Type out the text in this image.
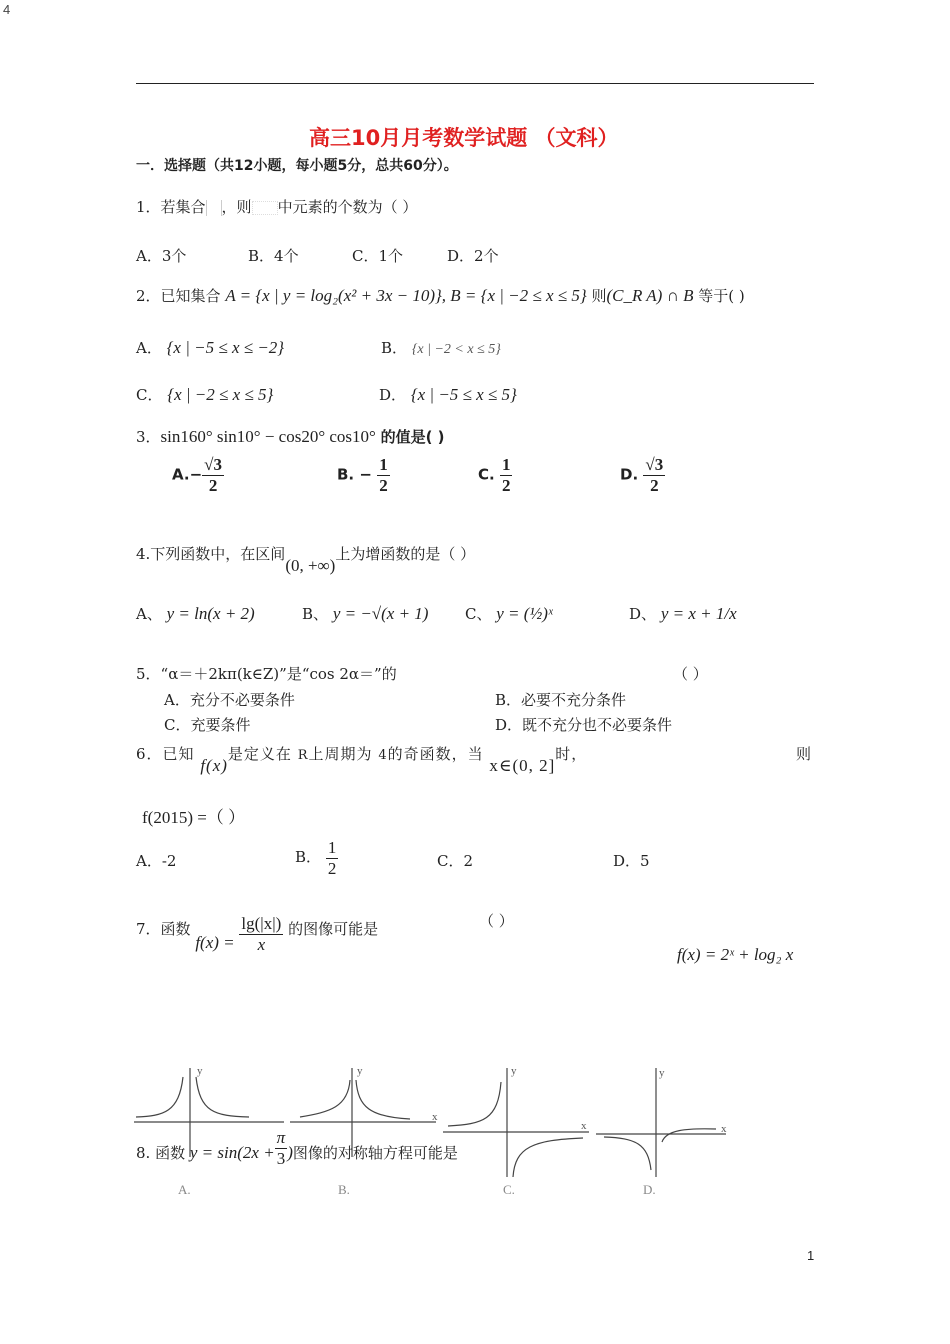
4
高三10月月考数学试题 （文科）
一．选择题（共12小题，每小题5分，总共60分）。
1．若集合 ，则 中元素的个数为（ ）
A．3个	B．4个	C．1个	D．2个
2．已知集合 A = {x | y = log₂(x² + 3x − 10)}, B = {x | −2 ≤ x ≤ 5} 则(C_R A) ∩ B 等于( )
A． {x | −5 ≤ x ≤ −2}	B． {x | −2 < x ≤ 5}
C． {x | −2 ≤ x ≤ 5}	D． {x | −5 ≤ x ≤ 5}
3．sin160° sin10° − cos20° cos10° 的值是( )
$A.- \frac{√3}{2}$	B. − $\frac{1}{2}$	C. $\frac{1}{2}$	D. $\frac{√3}{2}$
4.下列函数中，在区间(0, +∞)上为增函数的是（ ）
A、 y = ln(x + 2)	B、 y = −√(x + 1) C、 y = (½)ˣ	D、 y = x + 1/x
5．“α＝＋2kπ(k∈Z)”是“cos 2α＝”的	（ ）
A．充分不必要条件	B．必要不充分条件
C．充要条件	D．既不充分也不必要条件
6．已知 f(x)是定义在 R上周期为 4的奇函数，当 x∈(0, 2]时，	则
f(2015) =（ ）
A．-2	B． $\frac{1}{2}$	C．2	D．5
7．函数 $f(x) = \frac{\lg(|x|)}{x}$ 的图像可能是	（ ）
f(x) = 2ˣ + log₂ x
y	y
x
y
x
y
x
A.	B.	C.	D.
8. 函数 $y = \sin(2x + \frac{\pi}{3}$ )图像的对称轴方程可能是
1
